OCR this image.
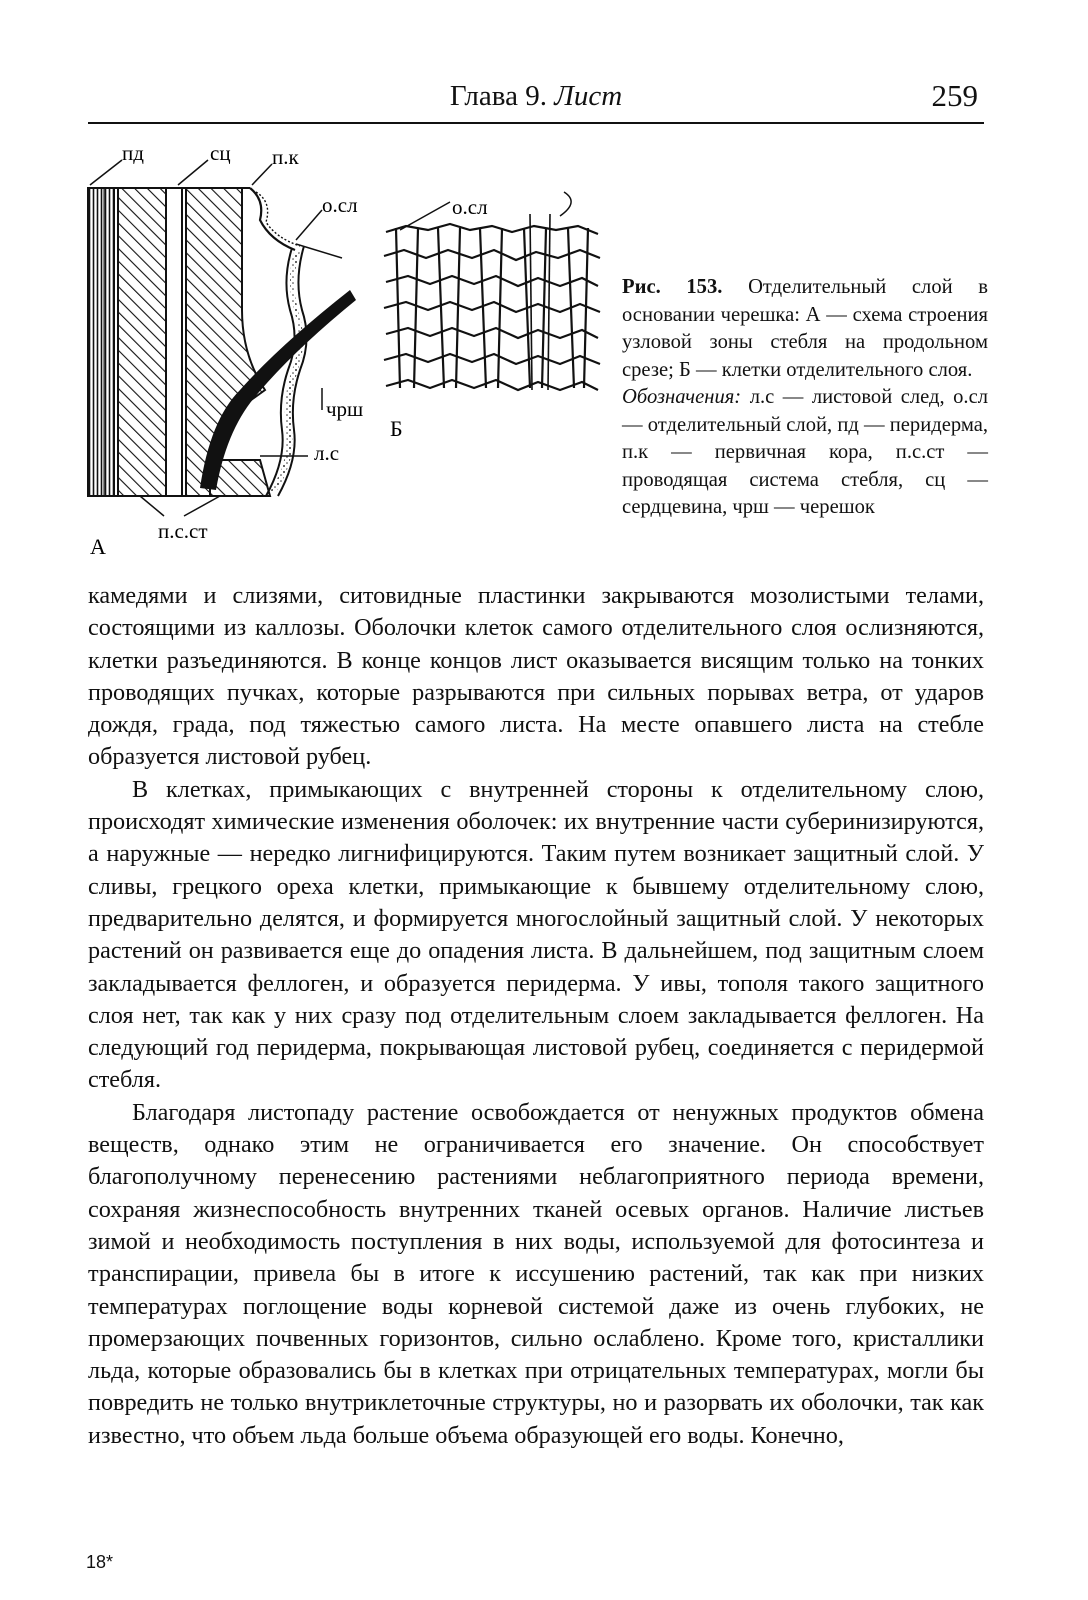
Глава 9. Лист	259
пд	сц п.к
о.сл	о.сл
чрш
л.с
п.с.ст
А
Б
Рис. 153. Отделительный слой в основании черешка: А — схема строения узловой зоны стебля на продольном срезе; Б — клетки отделительного слоя.
Обозначения: л.с — листовой след, о.сл — отделительный слой, пд — перидерма, п.к — первичная кора, п.с.ст — проводящая система стебля, сц — сердцевина, чрш — черешок

камедями и слизями, ситовидные пластинки закрываются мозолистыми телами, состоящими из каллозы. Оболочки клеток самого отделительного слоя ослизняются, клетки разъединяются. В конце концов лист оказывается висящим только на тонких проводящих пучках, которые разрываются при сильных порывах ветра, от ударов дождя, града, под тяжестью самого листа. На месте опавшего листа на стебле образуется листовой рубец.

В клетках, примыкающих с внутренней стороны к отделительному слою, происходят химические изменения оболочек: их внутренние части суберинизируются, а наружные — нередко лигнифицируются. Таким путем возникает защитный слой. У сливы, грецкого ореха клетки, примыкающие к бывшему отделительному слою, предварительно делятся, и формируется многослойный защитный слой. У некоторых растений он развивается еще до опадения листа. В дальнейшем, под защитным слоем закладывается феллоген, и образуется перидерма. У ивы, тополя такого защитного слоя нет, так как у них сразу под отделительным слоем закладывается феллоген. На следующий год перидерма, покрывающая листовой рубец, соединяется с перидермой стебля.

Благодаря листопаду растение освобождается от ненужных продуктов обмена веществ, однако этим не ограничивается его значение. Он способствует благополучному перенесению растениями неблагоприятного периода времени, сохраняя жизнеспособность внутренних тканей осевых органов. Наличие листьев зимой и необходимость поступления в них воды, используемой для фотосинтеза и транспирации, привела бы в итоге к иссушению растений, так как при низких температурах поглощение воды корневой системой даже из очень глубоких, не промерзающих почвенных горизонтов, сильно ослаблено. Кроме того, кристаллики льда, которые образовались бы в клетках при отрицательных температурах, могли бы повредить не только внутриклеточные структуры, но и разорвать их оболочки, так как известно, что объем льда больше объема образующей его воды. Конечно,

18*
